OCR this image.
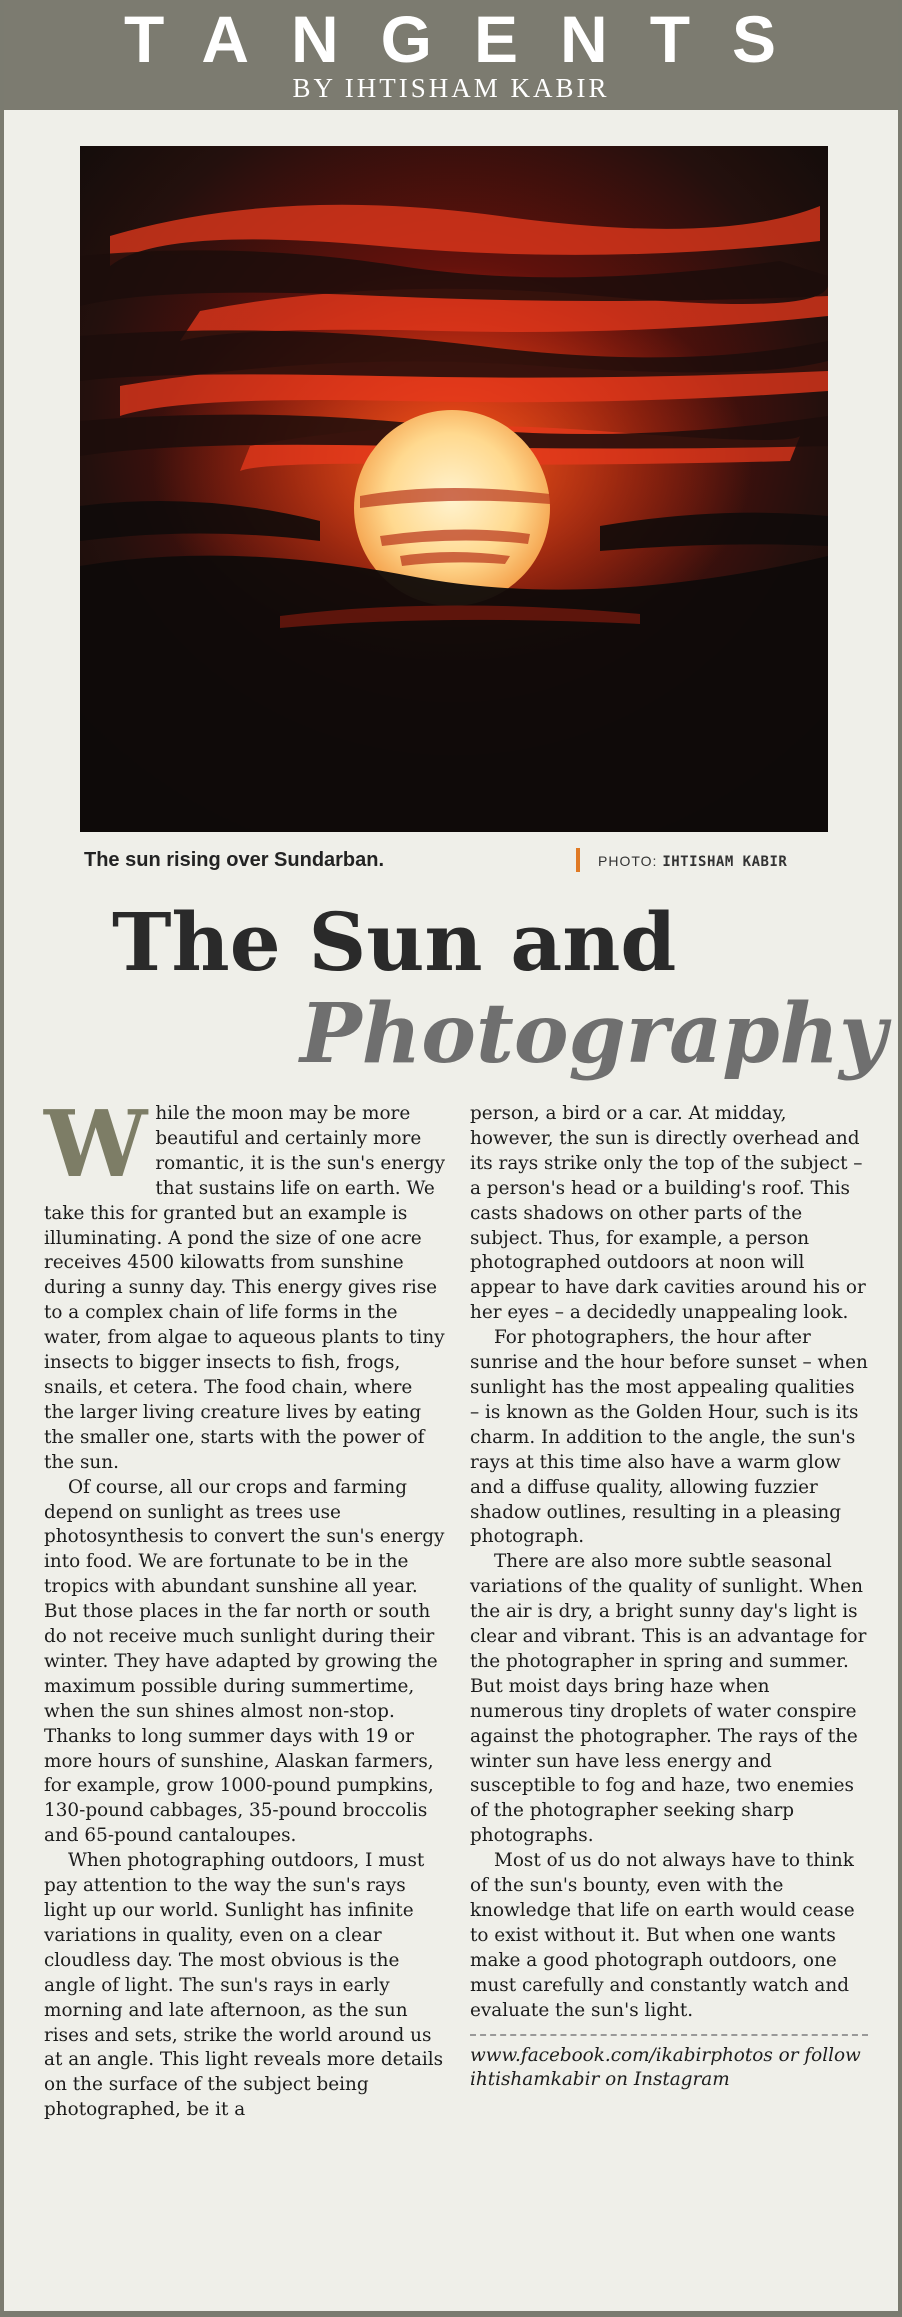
TANGENTS
BY IHTISHAM KABIR
The sun rising over Sundarban.	PHOTO: IHTISHAM KABIR
The Sun and
Photography

While the moon may be more beautiful and certainly more romantic, it is the sun's energy that sustains life on earth. We take this for granted but an example is illuminating. A pond the size of one acre receives 4500 kilowatts from sunshine during a sunny day. This energy gives rise to a complex chain of life forms in the water, from algae to aqueous plants to tiny insects to bigger insects to fish, frogs, snails, et cetera. The food chain, where the larger living creature lives by eating the smaller one, starts with the power of the sun.

Of course, all our crops and farming depend on sunlight as trees use photosynthesis to convert the sun's energy into food. We are fortunate to be in the tropics with abundant sunshine all year. But those places in the far north or south do not receive much sunlight during their winter. They have adapted by growing the maximum possible during summertime, when the sun shines almost non-stop. Thanks to long summer days with 19 or more hours of sunshine, Alaskan farmers, for example, grow 1000-pound pumpkins, 130-pound cabbages, 35-pound broccolis and 65-pound cantaloupes.

When photographing outdoors, I must pay attention to the way the sun's rays light up our world. Sunlight has infinite variations in quality, even on a clear cloudless day. The most obvious is the angle of light. The sun's rays in early morning and late afternoon, as the sun rises and sets, strike the world around us at an angle. This light reveals more details on the surface of the subject being photographed, be it a

person, a bird or a car. At midday, however, the sun is directly overhead and its rays strike only the top of the subject – a person's head or a building's roof. This casts shadows on other parts of the subject. Thus, for example, a person photographed outdoors at noon will appear to have dark cavities around his or her eyes – a decidedly unappealing look.

For photographers, the hour after sunrise and the hour before sunset – when sunlight has the most appealing qualities – is known as the Golden Hour, such is its charm. In addition to the angle, the sun's rays at this time also have a warm glow and a diffuse quality, allowing fuzzier shadow outlines, resulting in a pleasing photograph.

There are also more subtle seasonal variations of the quality of sunlight. When the air is dry, a bright sunny day's light is clear and vibrant. This is an advantage for the photographer in spring and summer. But moist days bring haze when numerous tiny droplets of water conspire against the photographer. The rays of the winter sun have less energy and susceptible to fog and haze, two enemies of the photographer seeking sharp photographs.

Most of us do not always have to think of the sun's bounty, even with the knowledge that life on earth would cease to exist without it. But when one wants make a good photograph outdoors, one must carefully and constantly watch and evaluate the sun's light.

www.facebook.com/ikabirphotos or follow ihtishamkabir on Instagram
